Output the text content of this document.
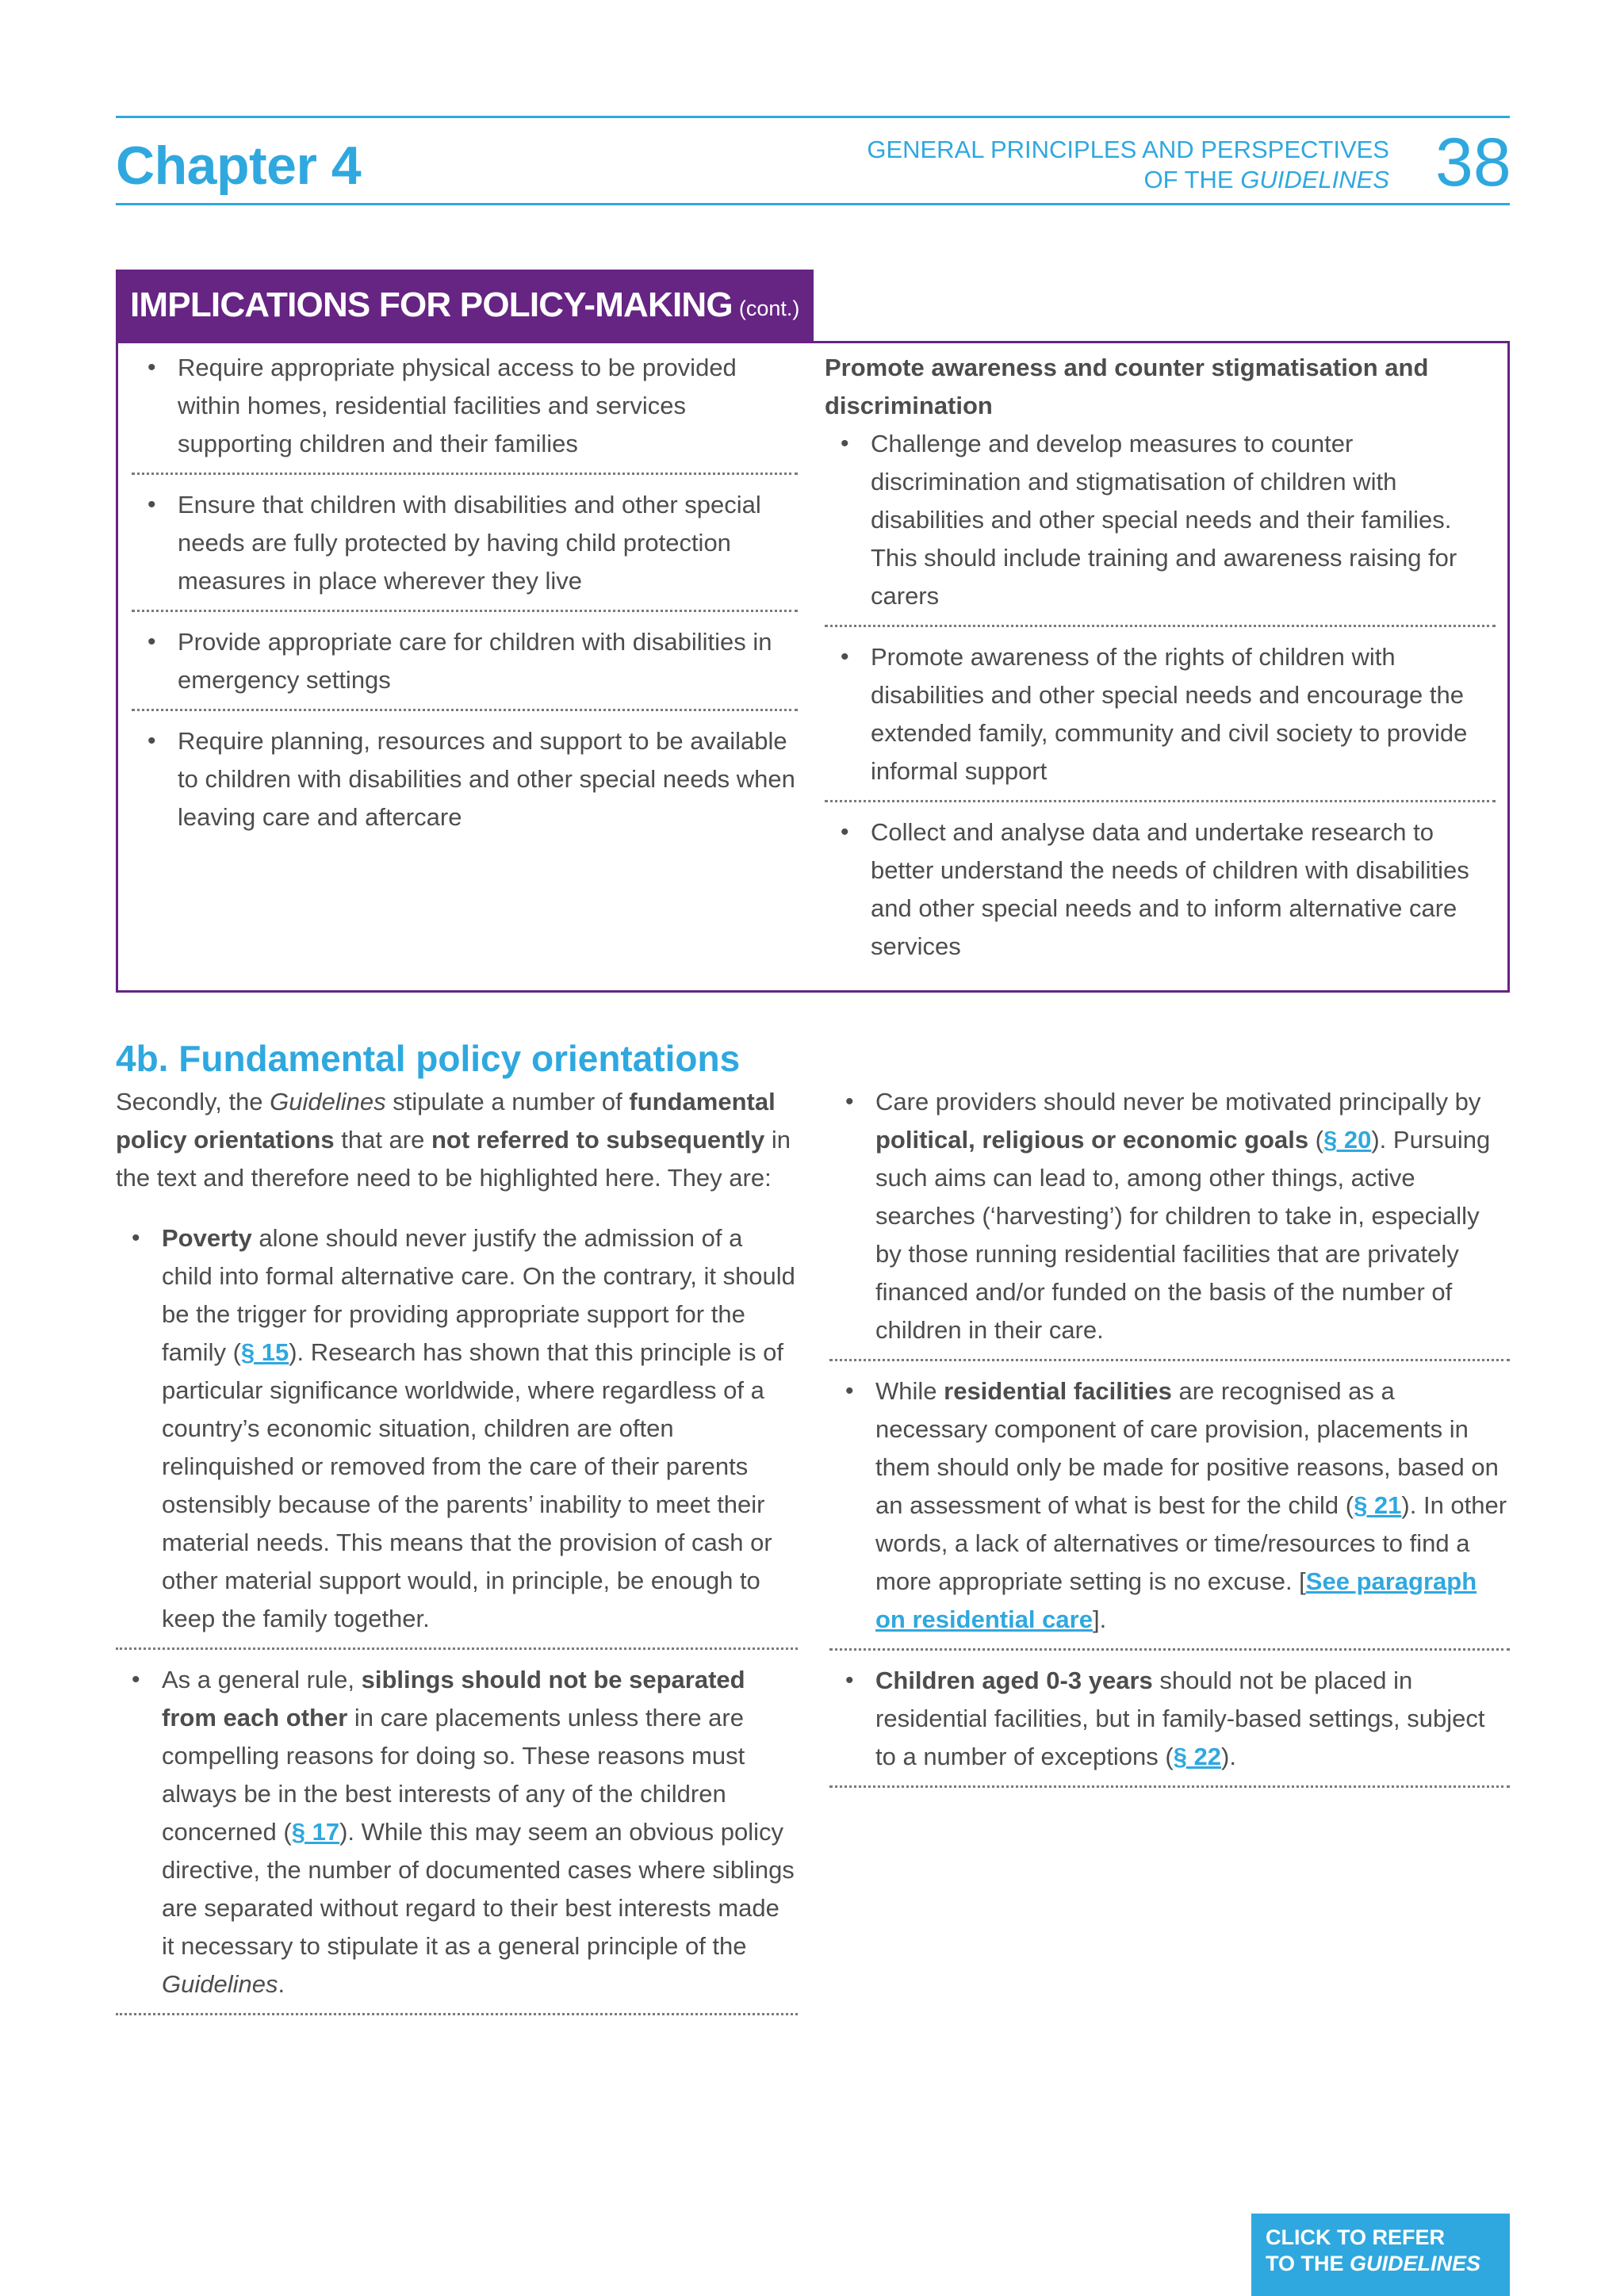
Chapter 4	GENERAL PRINCIPLES AND PERSPECTIVES
OF THE GUIDELINES 38
IMPLICATIONS FOR POLICY-MAKING (cont.)
• Require appropriate physical access to be provided within homes, residential facilities and services supporting children and their families
• Ensure that children with disabilities and other special needs are fully protected by having child protection measures in place wherever they live
• Provide appropriate care for children with disabilities in emergency settings
• Require planning, resources and support to be available to children with disabilities and other special needs when leaving care and aftercare
Promote awareness and counter stigmatisation and discrimination
• Challenge and develop measures to counter discrimination and stigmatisation of children with disabilities and other special needs and their families. This should include training and awareness raising for carers
• Promote awareness of the rights of children with disabilities and other special needs and encourage the extended family, community and civil society to provide informal support
• Collect and analyse data and undertake research to better understand the needs of children with disabilities and other special needs and to inform alternative care services
4b. Fundamental policy orientations
Secondly, the Guidelines stipulate a number of fundamental policy orientations that are not referred to subsequently in the text and therefore need to be highlighted here. They are:
• Poverty alone should never justify the admission of a child into formal alternative care. On the contrary, it should be the trigger for providing appropriate support for the family (§ 15). Research has shown that this principle is of particular significance worldwide, where regardless of a country’s economic situation, children are often relinquished or removed from the care of their parents ostensibly because of the parents’ inability to meet their material needs. This means that the provision of cash or other material support would, in principle, be enough to keep the family together.
• As a general rule, siblings should not be separated from each other in care placements unless there are compelling reasons for doing so. These reasons must always be in the best interests of any of the children concerned (§ 17). While this may seem an obvious policy directive, the number of documented cases where siblings are separated without regard to their best interests made it necessary to stipulate it as a general principle of the Guidelines.
• Care providers should never be motivated principally by political, religious or economic goals (§ 20). Pursuing such aims can lead to, among other things, active searches (‘harvesting’) for children to take in, especially by those running residential facilities that are privately financed and/or funded on the basis of the number of children in their care.
• While residential facilities are recognised as a necessary component of care provision, placements in them should only be made for positive reasons, based on an assessment of what is best for the child (§ 21). In other words, a lack of alternatives or time/resources to find a more appropriate setting is no excuse. [See paragraph on residential care].
• Children aged 0-3 years should not be placed in residential facilities, but in family-based settings, subject to a number of exceptions (§ 22).
CLICK TO REFER
TO THE GUIDELINES
